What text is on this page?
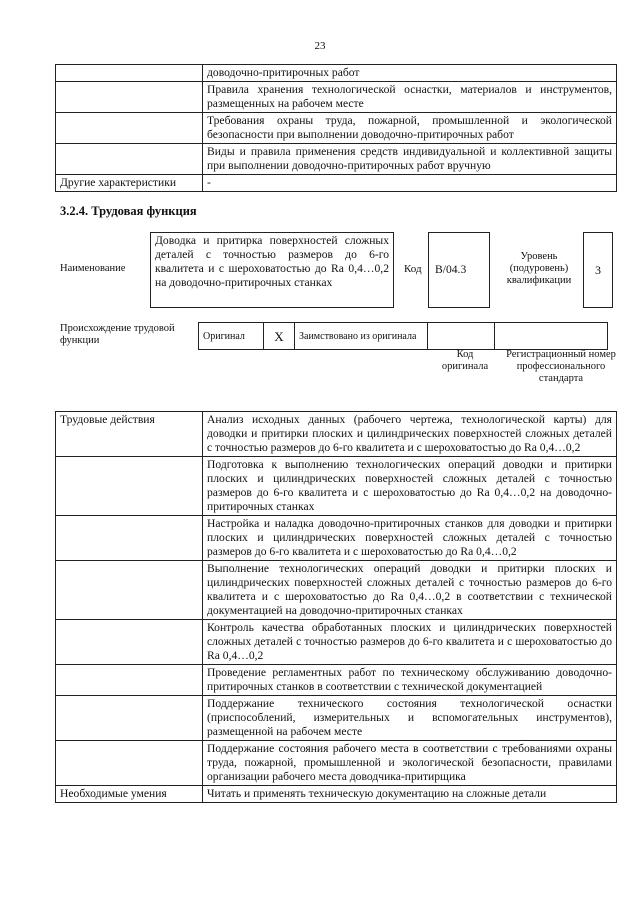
23
	доводочно-притирочных работ
	Правила хранения технологической оснастки, материалов и инструментов, размещенных на рабочем месте
	Требования охраны труда, пожарной, промышленной и экологической безопасности при выполнении доводочно-притирочных работ
	Виды и правила применения средств индивидуальной и коллективной защиты при выполнении доводочно-притирочных работ вручную
Другие характеристики	-
3.2.4. Трудовая функция
Наименование
Доводка и притирка поверхностей сложных деталей с точностью размеров до 6-го квалитета и с шероховатостью до Ra 0,4…0,2 на доводочно-притирочных станках
Код	В/04.3
Уровень (подуровень) квалификации
3
Происхождение трудовой функции	Оригинал	X	Заимствовано из оригинала		
Код оригинала
Регистрационный номер профессионального стандарта
Трудовые действия	Анализ исходных данных (рабочего чертежа, технологической карты) для доводки и притирки плоских и цилиндрических поверхностей сложных деталей с точностью размеров до 6-го квалитета и с шероховатостью до Ra 0,4…0,2
	Подготовка к выполнению технологических операций доводки и притирки плоских и цилиндрических поверхностей сложных деталей с точностью размеров до 6-го квалитета и с шероховатостью до Ra 0,4…0,2 на доводочно-притирочных станках
	Настройка и наладка доводочно-притирочных станков для доводки и притирки плоских и цилиндрических поверхностей сложных деталей с точностью размеров до 6-го квалитета и с шероховатостью до Ra 0,4…0,2
	Выполнение технологических операций доводки и притирки плоских и цилиндрических поверхностей сложных деталей с точностью размеров до 6-го квалитета и с шероховатостью до Ra 0,4…0,2 в соответствии с технической документацией на доводочно-притирочных станках
	Контроль качества обработанных плоских и цилиндрических поверхностей сложных деталей с точностью размеров до 6-го квалитета и с шероховатостью до Ra 0,4…0,2
	Проведение регламентных работ по техническому обслуживанию доводочно-притирочных станков в соответствии с технической документацией
	Поддержание технического состояния технологической оснастки (приспособлений, измерительных и вспомогательных инструментов), размещенной на рабочем месте
	Поддержание состояния рабочего места в соответствии с требованиями охраны труда, пожарной, промышленной и экологической безопасности, правилами организации рабочего места доводчика-притирщика
Необходимые умения	Читать и применять техническую документацию на сложные детали
